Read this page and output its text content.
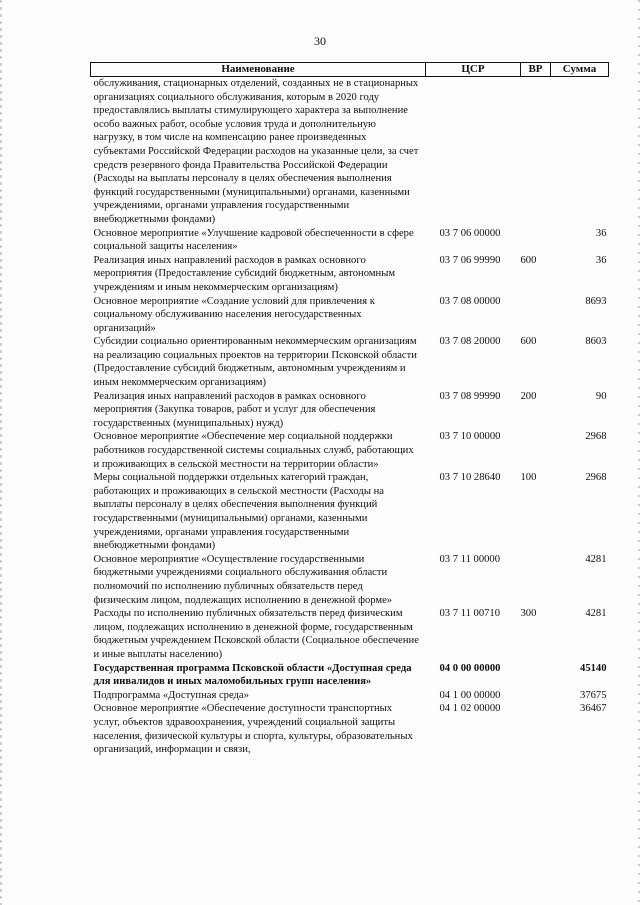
30
Наименование	ЦСР	ВР	Сумма
обслуживания, стационарных отделений, созданных не в стационарных организациях социального обслуживания, которым в 2020 году предоставлялись выплаты стимулирующего характера за выполнение особо важных работ, особые условия труда и дополнительную нагрузку, в том числе на компенсацию ранее произведенных субъектами Российской Федерации расходов на указанные цели, за счет средств резервного фонда Правительства Российской Федерации (Расходы на выплаты персоналу в целях обеспечения выполнения функций государственными (муниципальными) органами, казенными учреждениями, органами управления государственными внебюджетными фондами)			
Основное мероприятие «Улучшение кадровой обеспеченности в сфере социальной защиты населения»	03 7 06 00000		36
Реализация иных направлений расходов в рамках основного мероприятия (Предоставление субсидий бюджетным, автономным учреждениям и иным некоммерческим организациям)	03 7 06 99990	600	36
Основное мероприятие «Создание условий для привлечения к социальному обслуживанию населения негосударственных организаций»	03 7 08 00000		8693
Субсидии социально ориентированным некоммерческим организациям на реализацию социальных проектов на территории Псковской области (Предоставление субсидий бюджетным, автономным учреждениям и иным некоммерческим организациям)	03 7 08 20000	600	8603
Реализация иных направлений расходов в рамках основного мероприятия (Закупка товаров, работ и услуг для обеспечения государственных (муниципальных) нужд)	03 7 08 99990	200	90
Основное мероприятие «Обеспечение мер социальной поддержки работников государственной системы социальных служб, работающих и проживающих в сельской местности на территории области»	03 7 10 00000		2968
Меры социальной поддержки отдельных категорий граждан, работающих и проживающих в сельской местности (Расходы на выплаты персоналу в целях обеспечения выполнения функций государственными (муниципальными) органами, казенными учреждениями, органами управления государственными внебюджетными фондами)	03 7 10 28640	100	2968
Основное мероприятие «Осуществление государственными бюджетными учреждениями социального обслуживания области полномочий по исполнению публичных обязательств перед физическим лицом, подлежащих исполнению в денежной форме»	03 7 11 00000		4281
Расходы по исполнению публичных обязательств перед физическим лицом, подлежащих исполнению в денежной форме, государственным бюджетным учреждением Псковской области (Социальное обеспечение и иные выплаты населению)	03 7 11 00710	300	4281
Государственная программа Псковской области «Доступная среда для инвалидов и иных маломобильных групп населения»	04 0 00 00000		45140
Подпрограмма «Доступная среда»	04 1 00 00000		37675
Основное мероприятие «Обеспечение доступности транспортных услуг, объектов здравоохранения, учреждений социальной защиты населения, физической культуры и спорта, культуры, образовательных организаций, информации и связи,	04 1 02 00000		36467
